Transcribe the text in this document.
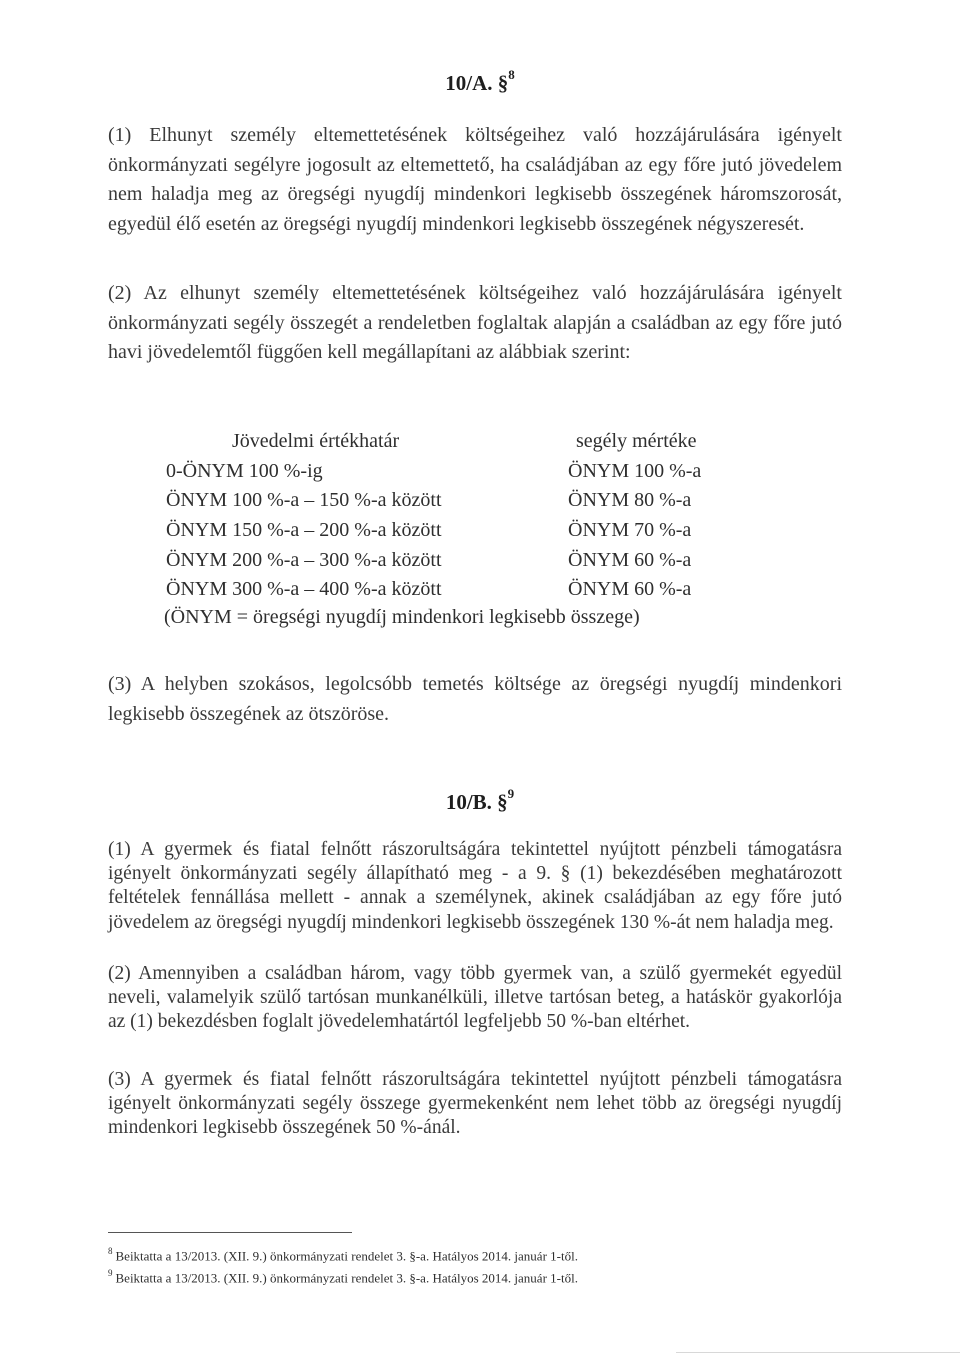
10/A. §$^8$
(1) Elhunyt személy eltemettetésének költségeihez való hozzájárulására igényelt önkormányzati segélyre jogosult az eltemettető, ha családjában az egy főre jutó jövedelem nem haladja meg az öregségi nyugdíj mindenkori legkisebb összegének háromszorosát, egyedül élő esetén az öregségi nyugdíj mindenkori legkisebb összegének négyszeresét.
(2) Az elhunyt személy eltemettetésének költségeihez való hozzájárulására igényelt önkormányzati segély összegét a rendeletben foglaltak alapján a családban az egy főre jutó havi jövedelemtől függően kell megállapítani az alábbiak szerint:
Jövedelmi értékhatár	segély mértéke
0-ÖNYM 100 %-ig	ÖNYM 100 %-a
ÖNYM 100 %-a – 150 %-a között	ÖNYM 80 %-a
ÖNYM 150 %-a – 200 %-a között	ÖNYM 70 %-a
ÖNYM 200 %-a – 300 %-a között	ÖNYM 60 %-a
ÖNYM 300 %-a – 400 %-a között	ÖNYM 60 %-a
(ÖNYM = öregségi nyugdíj mindenkori legkisebb összege)
(3) A helyben szokásos, legolcsóbb temetés költsége az öregségi nyugdíj mindenkori legkisebb összegének az ötszöröse.
10/B. §$^9$
(1) A gyermek és fiatal felnőtt rászorultságára tekintettel nyújtott pénzbeli támogatásra igényelt önkormányzati segély állapítható meg - a 9. § (1) bekezdésében meghatározott feltételek fennállása mellett - annak a személynek, akinek családjában az egy főre jutó jövedelem az öregségi nyugdíj mindenkori legkisebb összegének 130 %-át nem haladja meg.
(2) Amennyiben a családban három, vagy több gyermek van, a szülő gyermekét egyedül neveli, valamelyik szülő tartósan munkanélküli, illetve tartósan beteg, a hatáskör gyakorlója az (1) bekezdésben foglalt jövedelemhatártól legfeljebb 50 %-ban eltérhet.
(3) A gyermek és fiatal felnőtt rászorultságára tekintettel nyújtott pénzbeli támogatásra igényelt önkormányzati segély összege gyermekenként nem lehet több az öregségi nyugdíj mindenkori legkisebb összegének 50 %-ánál.
$^8$ Beiktatta a 13/2013. (XII. 9.) önkormányzati rendelet 3. §-a. Hatályos 2014. január 1-től.
$^9$ Beiktatta a 13/2013. (XII. 9.) önkormányzati rendelet 3. §-a. Hatályos 2014. január 1-től.
